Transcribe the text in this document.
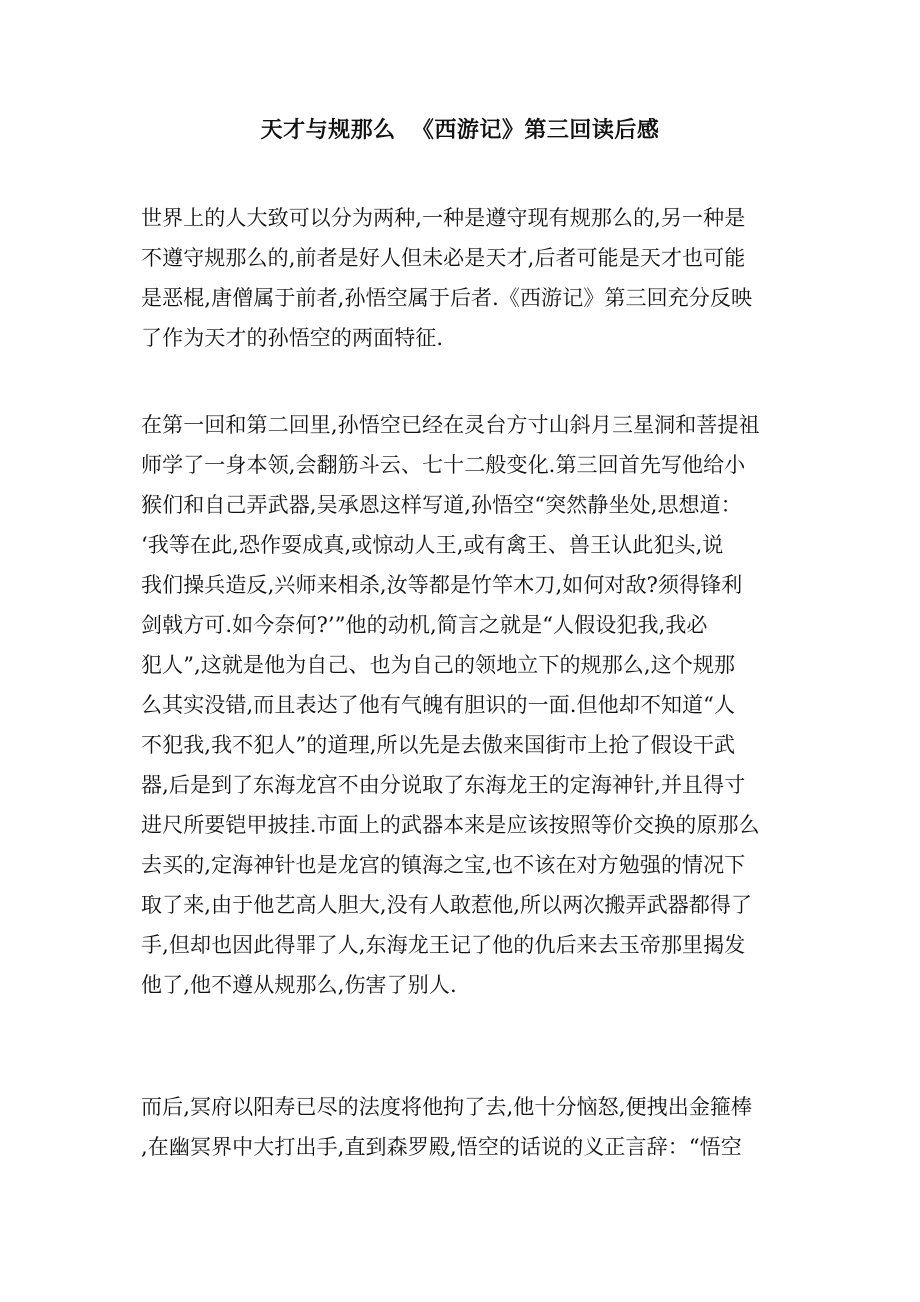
天才与规那么  《西游记》第三回读后感
世界上的人大致可以分为两种,一种是遵守现有规那么的,另一种是
不遵守规那么的,前者是好人但未必是天才,后者可能是天才也可能
是恶棍,唐僧属于前者,孙悟空属于后者.《西游记》第三回充分反映
了作为天才的孙悟空的两面特征.
在第一回和第二回里,孙悟空已经在灵台方寸山斜月三星洞和菩提祖
师学了一身本领,会翻筋斗云、七十二般变化.第三回首先写他给小
猴们和自己弄武器,吴承恩这样写道,孙悟空“突然静坐处,思想道：
‘我等在此,恐作耍成真,或惊动人王,或有禽王、兽王认此犯头,说
我们操兵造反,兴师来相杀,汝等都是竹竿木刀,如何对敌?须得锋利
剑戟方可.如今奈何?’”他的动机,简言之就是“人假设犯我,我必
犯人”,这就是他为自己、也为自己的领地立下的规那么,这个规那
么其实没错,而且表达了他有气魄有胆识的一面.但他却不知道“人
不犯我,我不犯人”的道理,所以先是去傲来国街市上抢了假设干武
器,后是到了东海龙宫不由分说取了东海龙王的定海神针,并且得寸
进尺所要铠甲披挂.市面上的武器本来是应该按照等价交换的原那么
去买的,定海神针也是龙宫的镇海之宝,也不该在对方勉强的情况下
取了来,由于他艺高人胆大,没有人敢惹他,所以两次搬弄武器都得了
手,但却也因此得罪了人,东海龙王记了他的仇后来去玉帝那里揭发
他了,他不遵从规那么,伤害了别人.
而后,冥府以阳寿已尽的法度将他拘了去,他十分恼怒,便拽出金箍棒
,在幽冥界中大打出手,直到森罗殿,悟空的话说的义正言辞：“悟空
